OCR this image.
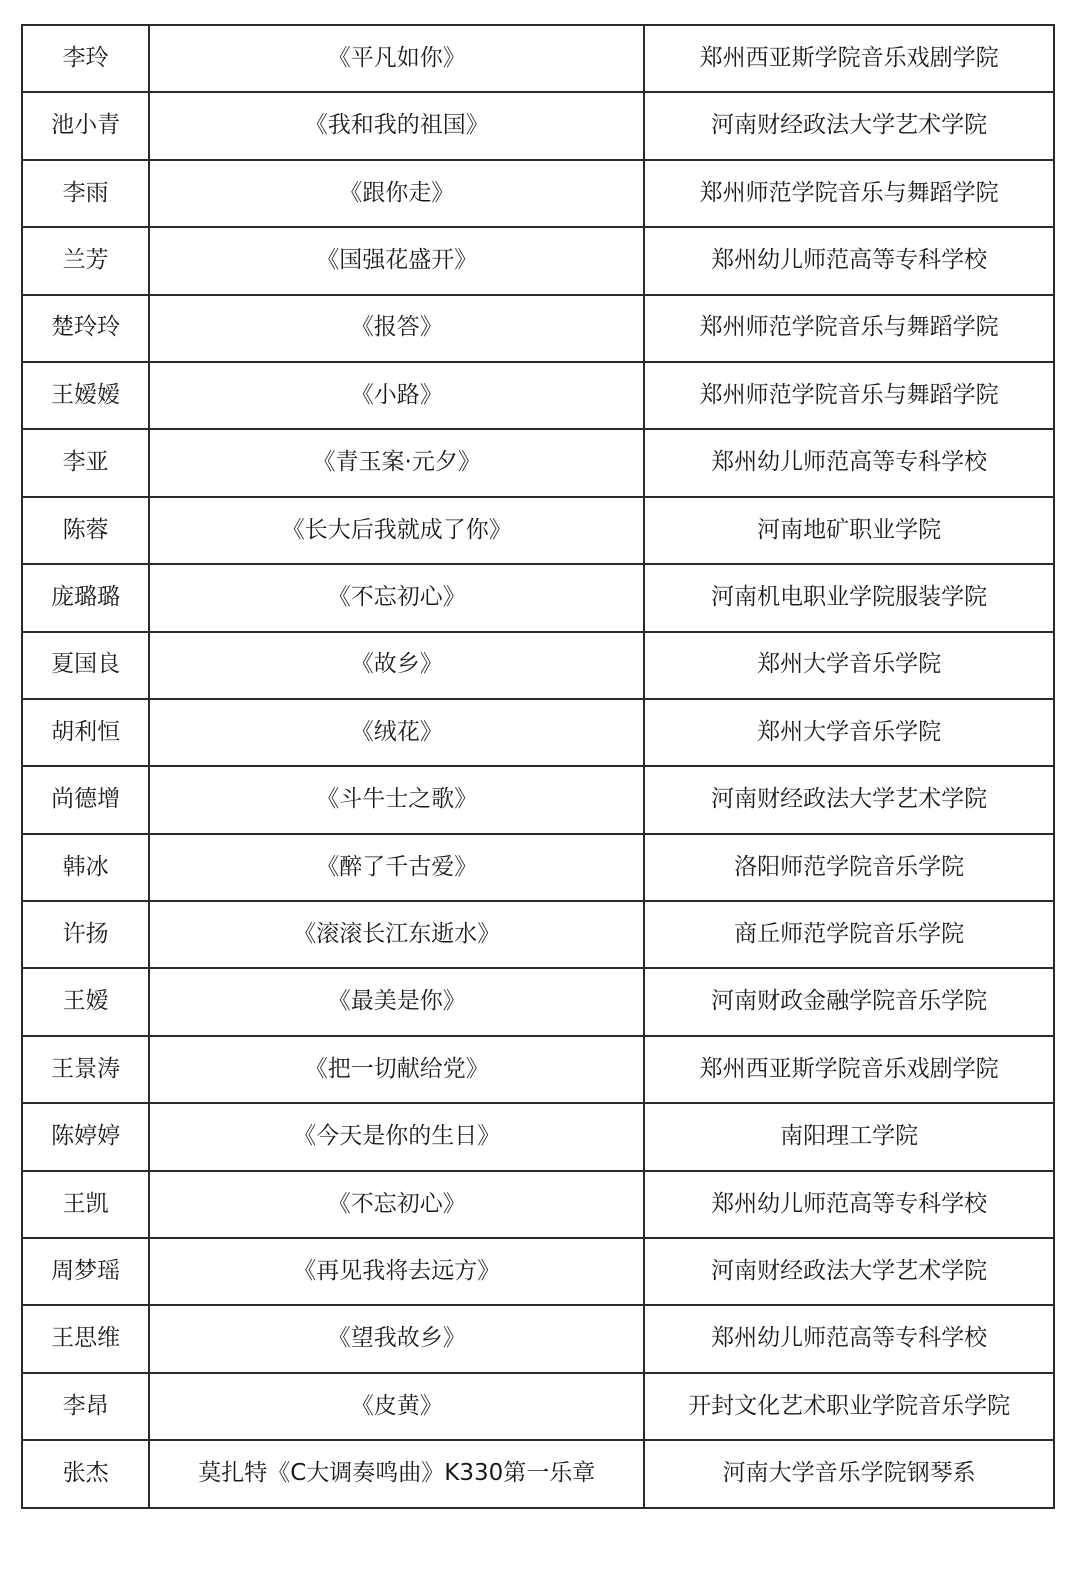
李玲	《平凡如你》	郑州西亚斯学院音乐戏剧学院
池小青	《我和我的祖国》	河南财经政法大学艺术学院
李雨	《跟你走》	郑州师范学院音乐与舞蹈学院
兰芳	《国强花盛开》	郑州幼儿师范高等专科学校
楚玲玲	《报答》	郑州师范学院音乐与舞蹈学院
王嫒嫒	《小路》	郑州师范学院音乐与舞蹈学院
李亚	《青玉案·元夕》	郑州幼儿师范高等专科学校
陈蓉	《长大后我就成了你》	河南地矿职业学院
庞璐璐	《不忘初心》	河南机电职业学院服装学院
夏国良	《故乡》	郑州大学音乐学院
胡利恒	《绒花》	郑州大学音乐学院
尚德增	《斗牛士之歌》	河南财经政法大学艺术学院
韩冰	《醉了千古爱》	洛阳师范学院音乐学院
许扬	《滚滚长江东逝水》	商丘师范学院音乐学院
王嫒	《最美是你》	河南财政金融学院音乐学院
王景涛	《把一切献给党》	郑州西亚斯学院音乐戏剧学院
陈婷婷	《今天是你的生日》	南阳理工学院
王凯	《不忘初心》	郑州幼儿师范高等专科学校
周梦瑶	《再见我将去远方》	河南财经政法大学艺术学院
王思维	《望我故乡》	郑州幼儿师范高等专科学校
李昂	《皮黄》	开封文化艺术职业学院音乐学院
张杰	莫扎特《C大调奏鸣曲》K330第一乐章	河南大学音乐学院钢琴系
